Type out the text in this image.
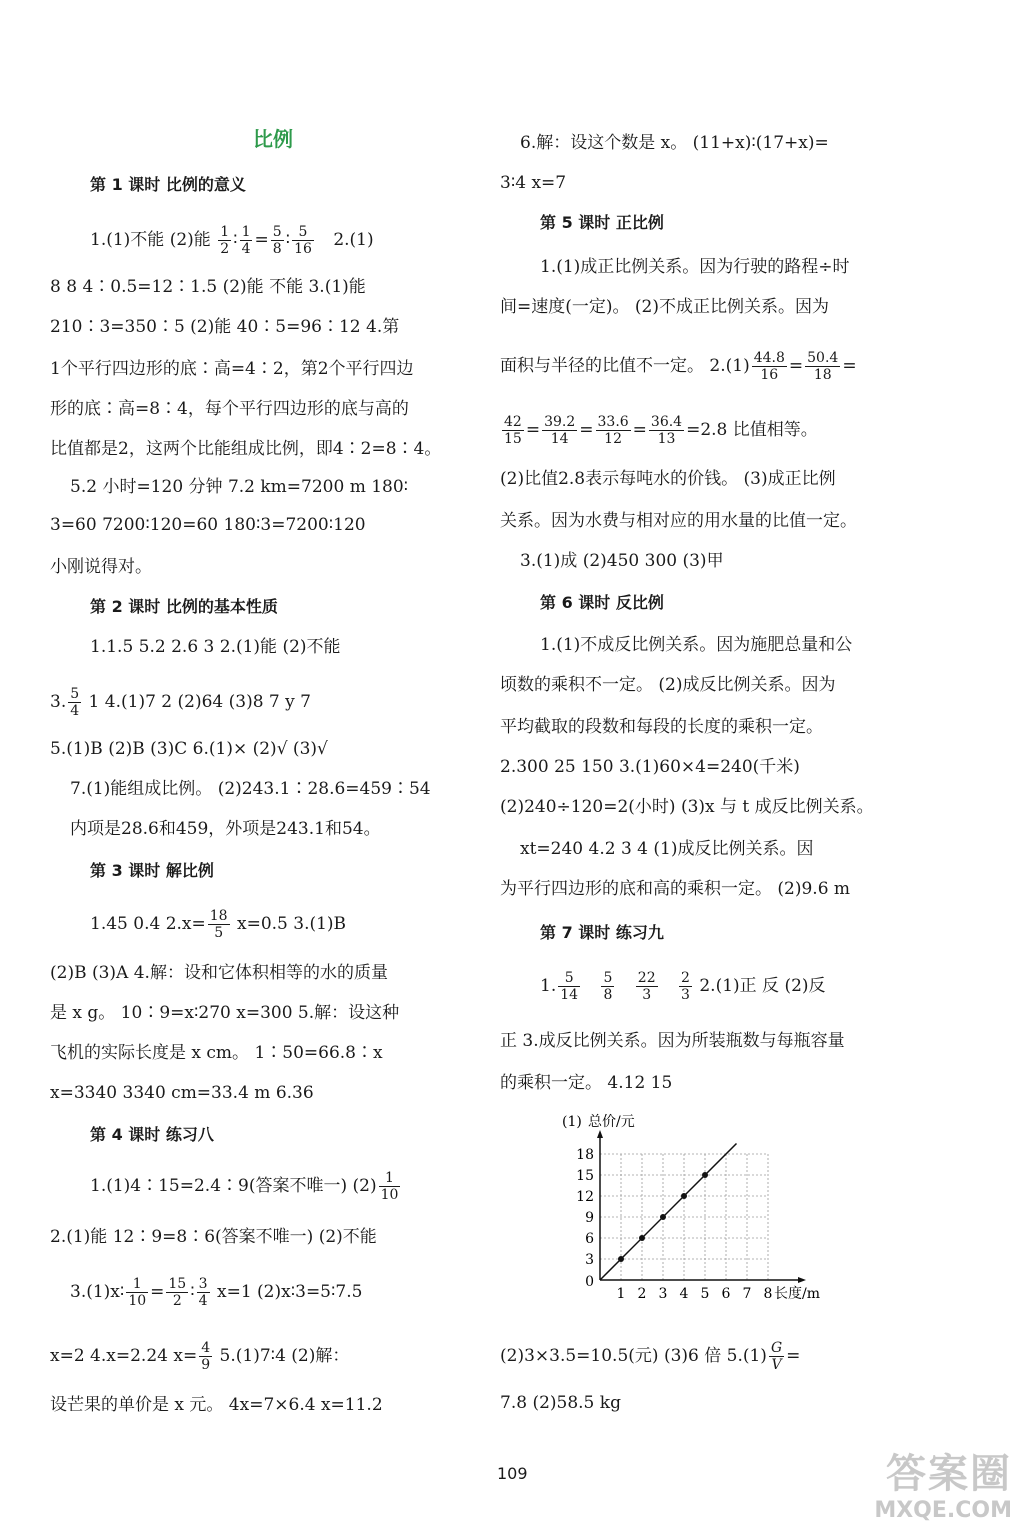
比例
第 1 课时 比例的意义
1.(1)不能 (2)能 $\frac{1}{2}$ ∶ $\frac{1}{4} = \frac{5}{8}$ ∶ $\frac{5}{16} 2.(1)$
8 8 4∶0.5=12∶1.5 (2)能 不能 3.(1)能
210∶3=350∶5 (2)能 40∶5=96∶12 4.第
1个平行四边形的底∶高=4∶2，第2个平行四边
形的底∶高=8∶4，每个平行四边形的底与高的
比值都是2，这两个比能组成比例，即4∶2=8∶4。
5.2 小时=120 分钟 7.2 km=7200 m 180∶
3=60 7200∶120=60 180∶3=7200∶120
小刚说得对。
第 2 课时 比例的基本性质
1.1.5 5.2 2.6 3 2.(1)能 (2)不能
3. $\frac{5}{4} 1$ 4.(1)7 2 (2)64 (3)8 7 y 7
5.(1)B (2)B (3)C 6.(1)× (2)√ (3)√
7.(1)能组成比例。 (2)243.1∶28.6=459∶54
内项是28.6和459，外项是243.1和54。
第 3 课时 解比例
1.45 0.4 $2.x= \frac{18}{5} x=0.5$ 3.(1)B
(2)B (3)A 4.解：设和它体积相等的水的质量
是 x g。 10∶9=x∶270 x=300 5.解：设这种
飞机的实际长度是 x cm。 1∶50=66.8∶x
x=3340 3340 cm=33.4 m 6.36
第 4 课时 练习八
1.(1)4∶15=2.4∶9(答案不唯一) $(2) \frac{1}{10}$
2.(1)能 12∶9=8∶6(答案不唯一) (2)不能
3.(1)x∶ $\frac{1}{10} = \frac{15}{2}$ ∶ $\frac{3}{4} x=1$ (2)x∶3=5∶7.5
x=2 4.x=2.24 $x= \frac{4}{9}$ 5.(1)7∶4 (2)解：
设芒果的单价是 x 元。 4x=7×6.4 x=11.2
6.解：设这个数是 x。 (11+x)∶(17+x)=
3∶4 x=7
第 5 课时 正比例
1.(1)成正比例关系。因为行驶的路程÷时
间=速度(一定)。 (2)不成正比例关系。因为
面积与半径的比值不一定。 $2.(1) \frac{44.8}{16} = \frac{50.4}{18}$ =
$\frac{42}{15} = \frac{39.2}{14} = \frac{33.6}{12} = \frac{36.4}{13} =2.8$ 比值相等。
(2)比值2.8表示每吨水的价钱。 (3)成正比例
关系。因为水费与相对应的用水量的比值一定。
3.(1)成 (2)450 300 (3)甲
第 6 课时 反比例
1.(1)不成反比例关系。因为施肥总量和公
顷数的乘积不一定。 (2)成反比例关系。因为
平均截取的段数和每段的长度的乘积一定。
2.300 25 150 3.(1)60×4=240(千米)
(2)240÷120=2(小时) (3)x 与 t 成反比例关系。
xt=240 4.2 3 4 (1)成反比例关系。因
为平行四边形的底和高的乘积一定。 (2)9.6 m
第 7 课时 练习九
1. $\frac{5}{14}$
$\frac{5}{8}$
$\frac{22}{3}$
$\frac{2}{3} 2.(1)$正 反 (2)反
正 3.成反比例关系。因为所装瓶数与每瓶容量
的乘积一定。 4.12 15
(1) 总价/元
长度/m
0
1 2 3 4 5 6 7 8
3
6
9
12
15
18
(2)3×3.5=10.5(元) (3)6 倍 $5.(1) \frac{G}{V}$ =
7.8 (2)58.5 kg
109	答案圈
MXQE.COM
